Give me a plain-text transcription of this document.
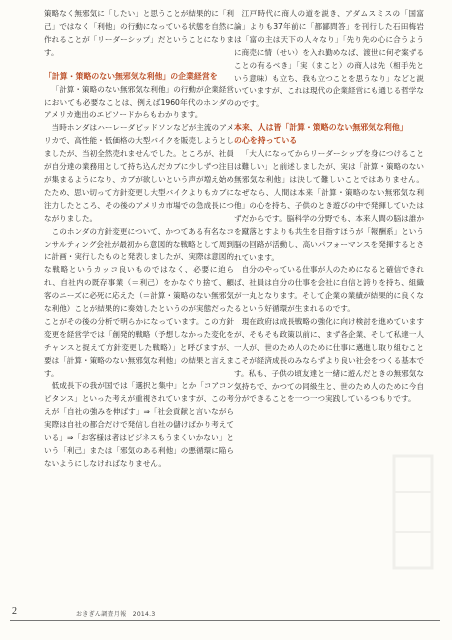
策略なく無邪気に「したい」と思うことが結果的に「利己」ではなく「利他」の行動になっている状態を自然に作れることが「リーダーシップ」だということになります。

「計算・策略のない無邪気な利他」の企業経営を

「計算・策略のない無邪気な利他」の行動が企業経営においても必要なことは、例えば1960年代のホンダのアメリカ進出のエピソードからもわかります。

当時ホンダはハーレーダビッドソンなどが主流のアメリカで、高性能・低価格の大型バイクを販売しようとしましたが、当初全然売れませんでした。ところが、社員が自分達の業務用として持ち込んだカブに少しずつ注目が集まるようになり、カブが欲しいという声が増え始めたため、思い切って方針変更し大型バイクよりもカブに注力したところ、その後のアメリカ市場での急成長につながりました。

このホンダの方針変更について、かつてある有名なコンサルティング会社が最初から意図的な戦略として周到に計画・実行したものと発表しましたが、実際は意図的な戦略というカッコ良いものではなく、必要に迫られ、自社内の既存事業（＝利己）をかなぐり捨て、顧客のニーズに必死に応えた（＝計算・策略のない無邪気な利他）ことが結果的に奏効したというのが実態だったことがその後の分析で明らかになっています。この方針変更を経営学では「創発的戦略（予想しなかった変化をチャンスと捉えて方針変更した戦略）」と呼びますが、要は「計算・策略のない無邪気な利他」の結果と言えます。

低成長下の我が国では「選択と集中」とか「コアコンピタンス」といった考えが重視されていますが、この考えが「自社の強みを伸ばす」⇒「社会貢献と言いながら実際は自社の都合だけで発信し自社の儲けばかり考えている」⇒「お客様は者はビジネスもうまくいかない」という「利己」または「邪気のある利他」の悪循環に陥らないようにしなければなりません。

江戸時代に商人の道を説き、アダムスミスの「国富論」よりも37年前に「都鄙問答」を刊行した石田梅岩は「富の主は天下の人々なり」「先り先の心に合うように商売に情（せい）を入れ勤めなば、渡世に何ぞ案ずることの有るべき」「実（まこと）の商人は先（相手先という意味）も立ち、我も立つことを思うなり」などと説いていますが、これは現代の企業経営にも通じる哲学なのです。

本来、人は皆「計算・策略のない無邪気な利他」
の心を持っている

「大人になってからリーダーシップを身につけることは難しい」と前述しましたが、実は「計算・策略のない無邪気な利他」は決して難しいことではありません。なぜなら、人間は本来「計算・策略のない無邪気な利他」の心を持ち、子供のとき遊びの中で発揮していたはずだからです。脳科学の分野でも、本来人間の脳は誰かを蹴落とすよりも共生を目指すほうが「報酬系」という脳の回路が活動し、高いパフォーマンスを発揮するとされています。

自分のやっている仕事が人のためになると確信できれば、社員は自分の仕事を会社に自信と誇りを持ち、組織が一丸となります。そして企業の業績が結果的に良くなるという好循環が生まれるのです。

現在政府は成長戦略の強化に向け検討を進めていますが、そもそも政策以前に、まず各企業、そして私達一人一人が、世のため人のために仕事に邁進し取り組むことこそが経済成長のみならずより良い社会をつくる基本です。私も、子供の頃友達と一緒に遊んだときの無邪気な気持ちで、かつての同級生と、世のため人のために今自分ができることを一つ一つ実践しているつもりです。

2	おきぎん調査月報　2014.3
